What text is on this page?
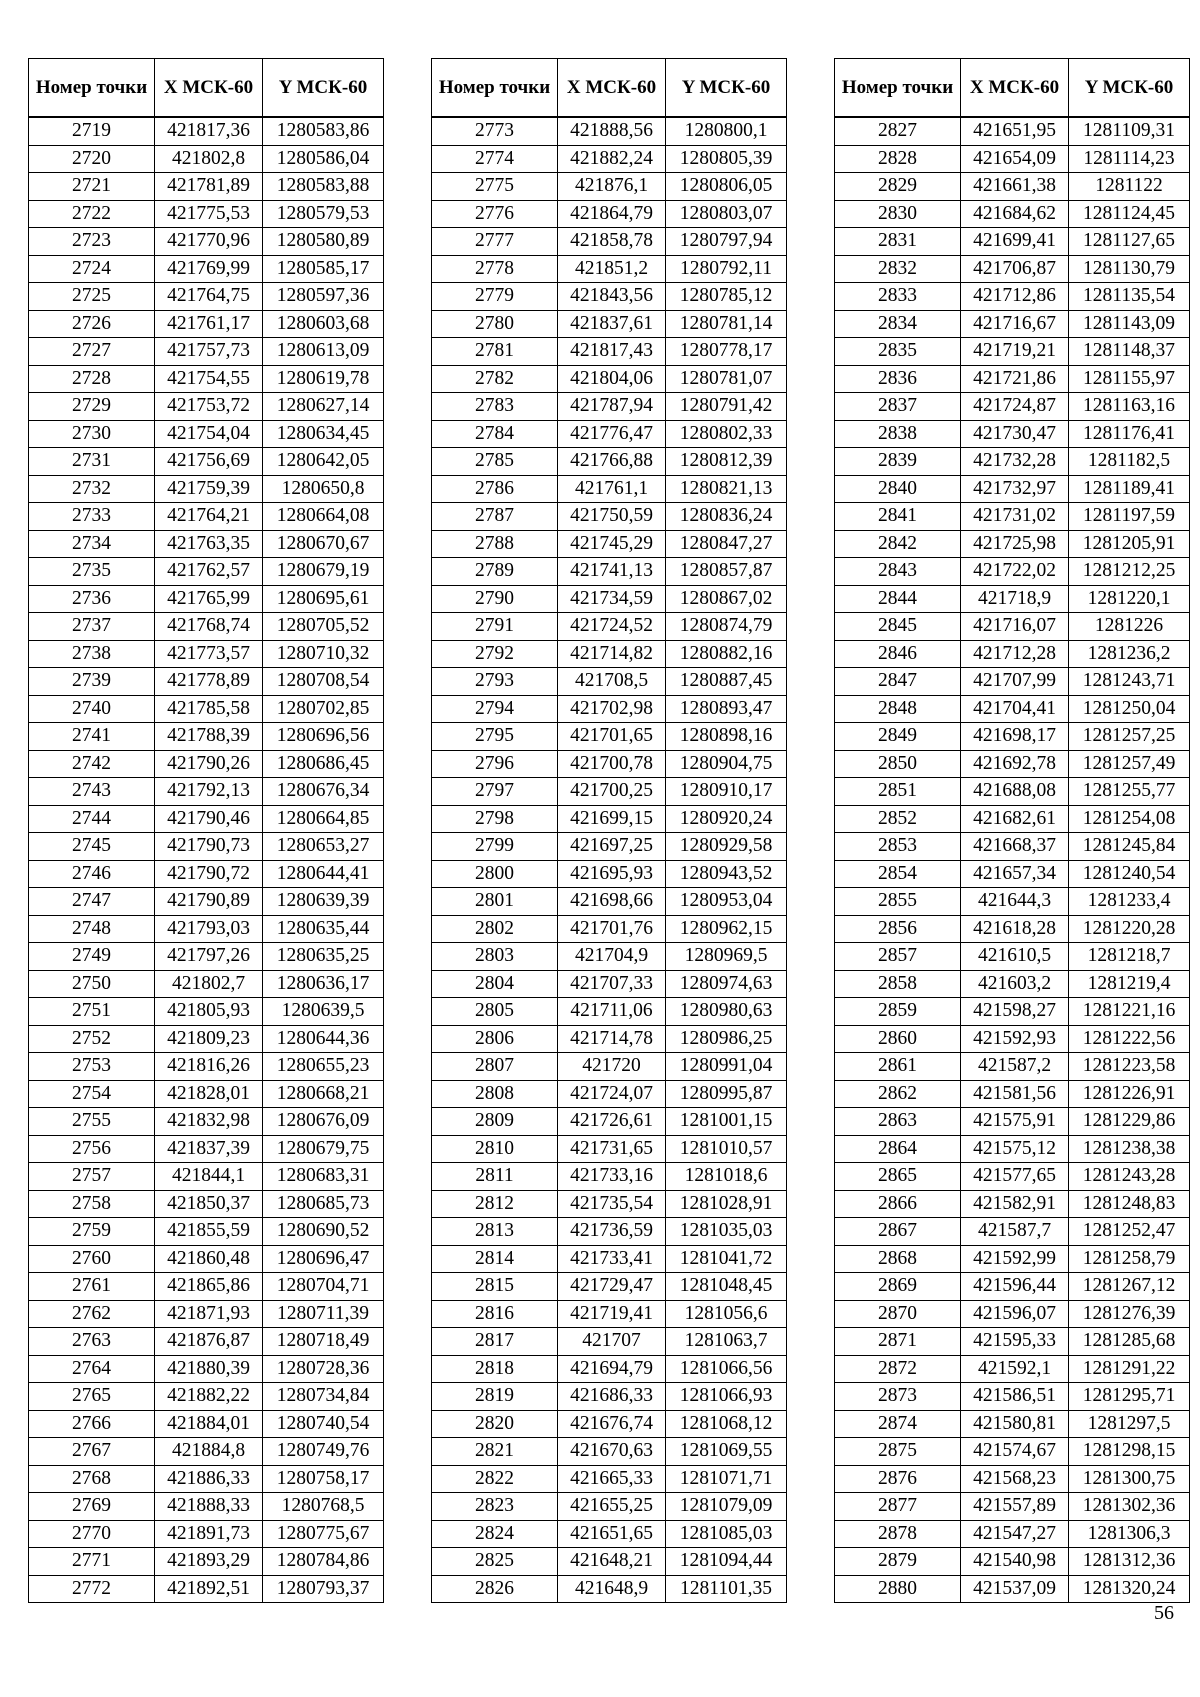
Номер точки	X МСК-60	Y МСК-60
2719	421817,36	1280583,86
2720	421802,8	1280586,04
2721	421781,89	1280583,88
2722	421775,53	1280579,53
2723	421770,96	1280580,89
2724	421769,99	1280585,17
2725	421764,75	1280597,36
2726	421761,17	1280603,68
2727	421757,73	1280613,09
2728	421754,55	1280619,78
2729	421753,72	1280627,14
2730	421754,04	1280634,45
2731	421756,69	1280642,05
2732	421759,39	1280650,8
2733	421764,21	1280664,08
2734	421763,35	1280670,67
2735	421762,57	1280679,19
2736	421765,99	1280695,61
2737	421768,74	1280705,52
2738	421773,57	1280710,32
2739	421778,89	1280708,54
2740	421785,58	1280702,85
2741	421788,39	1280696,56
2742	421790,26	1280686,45
2743	421792,13	1280676,34
2744	421790,46	1280664,85
2745	421790,73	1280653,27
2746	421790,72	1280644,41
2747	421790,89	1280639,39
2748	421793,03	1280635,44
2749	421797,26	1280635,25
2750	421802,7	1280636,17
2751	421805,93	1280639,5
2752	421809,23	1280644,36
2753	421816,26	1280655,23
2754	421828,01	1280668,21
2755	421832,98	1280676,09
2756	421837,39	1280679,75
2757	421844,1	1280683,31
2758	421850,37	1280685,73
2759	421855,59	1280690,52
2760	421860,48	1280696,47
2761	421865,86	1280704,71
2762	421871,93	1280711,39
2763	421876,87	1280718,49
2764	421880,39	1280728,36
2765	421882,22	1280734,84
2766	421884,01	1280740,54
2767	421884,8	1280749,76
2768	421886,33	1280758,17
2769	421888,33	1280768,5
2770	421891,73	1280775,67
2771	421893,29	1280784,86
2772	421892,51	1280793,37
Номер точки	X МСК-60	Y МСК-60
2773	421888,56	1280800,1
2774	421882,24	1280805,39
2775	421876,1	1280806,05
2776	421864,79	1280803,07
2777	421858,78	1280797,94
2778	421851,2	1280792,11
2779	421843,56	1280785,12
2780	421837,61	1280781,14
2781	421817,43	1280778,17
2782	421804,06	1280781,07
2783	421787,94	1280791,42
2784	421776,47	1280802,33
2785	421766,88	1280812,39
2786	421761,1	1280821,13
2787	421750,59	1280836,24
2788	421745,29	1280847,27
2789	421741,13	1280857,87
2790	421734,59	1280867,02
2791	421724,52	1280874,79
2792	421714,82	1280882,16
2793	421708,5	1280887,45
2794	421702,98	1280893,47
2795	421701,65	1280898,16
2796	421700,78	1280904,75
2797	421700,25	1280910,17
2798	421699,15	1280920,24
2799	421697,25	1280929,58
2800	421695,93	1280943,52
2801	421698,66	1280953,04
2802	421701,76	1280962,15
2803	421704,9	1280969,5
2804	421707,33	1280974,63
2805	421711,06	1280980,63
2806	421714,78	1280986,25
2807	421720	1280991,04
2808	421724,07	1280995,87
2809	421726,61	1281001,15
2810	421731,65	1281010,57
2811	421733,16	1281018,6
2812	421735,54	1281028,91
2813	421736,59	1281035,03
2814	421733,41	1281041,72
2815	421729,47	1281048,45
2816	421719,41	1281056,6
2817	421707	1281063,7
2818	421694,79	1281066,56
2819	421686,33	1281066,93
2820	421676,74	1281068,12
2821	421670,63	1281069,55
2822	421665,33	1281071,71
2823	421655,25	1281079,09
2824	421651,65	1281085,03
2825	421648,21	1281094,44
2826	421648,9	1281101,35
Номер точки	X МСК-60	Y МСК-60
2827	421651,95	1281109,31
2828	421654,09	1281114,23
2829	421661,38	1281122
2830	421684,62	1281124,45
2831	421699,41	1281127,65
2832	421706,87	1281130,79
2833	421712,86	1281135,54
2834	421716,67	1281143,09
2835	421719,21	1281148,37
2836	421721,86	1281155,97
2837	421724,87	1281163,16
2838	421730,47	1281176,41
2839	421732,28	1281182,5
2840	421732,97	1281189,41
2841	421731,02	1281197,59
2842	421725,98	1281205,91
2843	421722,02	1281212,25
2844	421718,9	1281220,1
2845	421716,07	1281226
2846	421712,28	1281236,2
2847	421707,99	1281243,71
2848	421704,41	1281250,04
2849	421698,17	1281257,25
2850	421692,78	1281257,49
2851	421688,08	1281255,77
2852	421682,61	1281254,08
2853	421668,37	1281245,84
2854	421657,34	1281240,54
2855	421644,3	1281233,4
2856	421618,28	1281220,28
2857	421610,5	1281218,7
2858	421603,2	1281219,4
2859	421598,27	1281221,16
2860	421592,93	1281222,56
2861	421587,2	1281223,58
2862	421581,56	1281226,91
2863	421575,91	1281229,86
2864	421575,12	1281238,38
2865	421577,65	1281243,28
2866	421582,91	1281248,83
2867	421587,7	1281252,47
2868	421592,99	1281258,79
2869	421596,44	1281267,12
2870	421596,07	1281276,39
2871	421595,33	1281285,68
2872	421592,1	1281291,22
2873	421586,51	1281295,71
2874	421580,81	1281297,5
2875	421574,67	1281298,15
2876	421568,23	1281300,75
2877	421557,89	1281302,36
2878	421547,27	1281306,3
2879	421540,98	1281312,36
2880	421537,09	1281320,24
56
